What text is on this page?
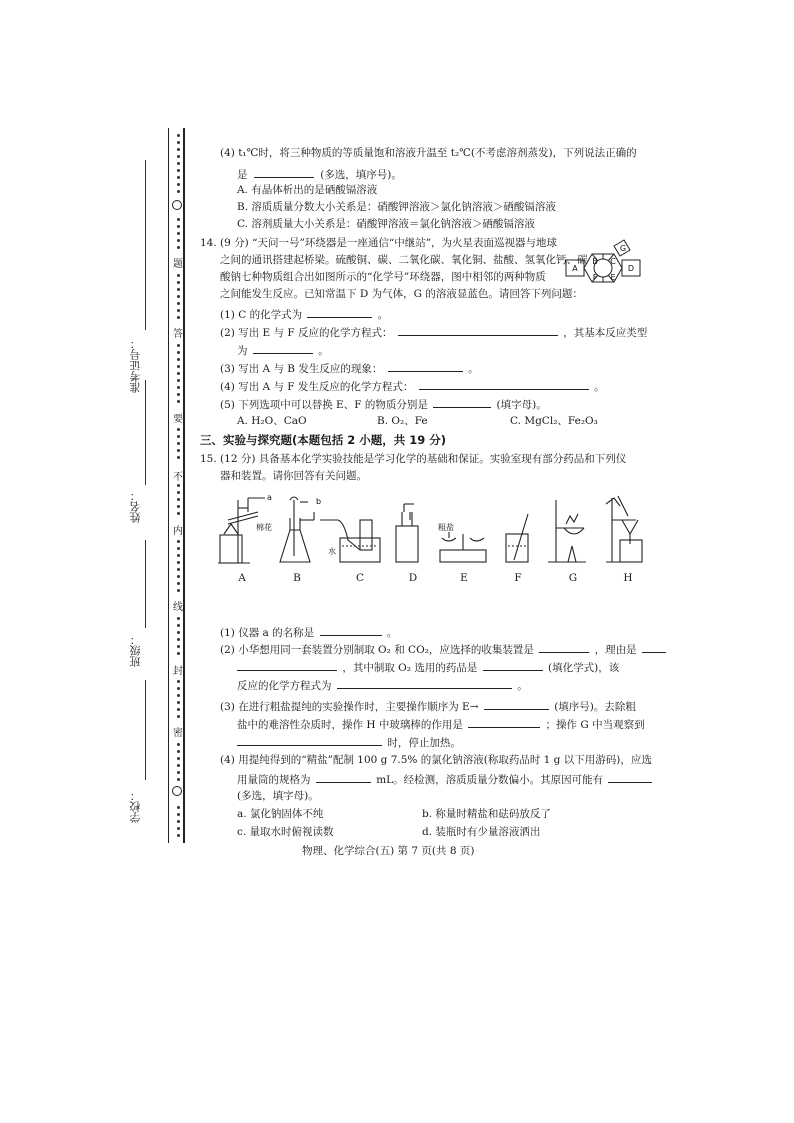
准考证号：
姓名：
班级：
学校：
答
题
要
不
内
线
封
密
(4) t₁℃时，将三种物质的等质量饱和溶液升温至 t₂℃(不考虑溶剂蒸发)，下列说法正确的
是	(多选，填序号)。
A. 有晶体析出的是硒酸镉溶液
B. 溶质质量分数大小关系是：硝酸钾溶液＞氯化钠溶液＞硒酸镉溶液
C. 溶剂质量大小关系是：硝酸钾溶液＝氯化钠溶液＞硒酸镉溶液
14. (9 分) “天问一号”环绕器是一座通信“中继站”，为火星表面巡视器与地球
之间的通讯搭建起桥梁。硫酸铜、碳、二氧化碳、氧化铜、盐酸、氢氧化钙、碳
酸钠七种物质组合出如图所示的“化学号”环绕器，图中相邻的两种物质
之间能发生反应。已知常温下 D 为气体，G 的溶液显蓝色。请回答下列问题：
A
B C
D
E
F
G
(1) C 的化学式为	。
(2) 写出 E 与 F 反应的化学方程式：	，其基本反应类型
为	。
(3) 写出 A 与 B 发生反应的现象：	。
(4) 写出 A 与 F 发生反应的化学方程式：	。
(5) 下列选项中可以替换 E、F 的物质分别是	(填字母)。
A. H₂O、CaO	B. O₂、Fe	C. MgCl₂、Fe₂O₃
三、实验与探究题(本题包括 2 小题，共 19 分)
15. (12 分) 具备基本化学实验技能是学习化学的基础和保证。实验室现有部分药品和下列仪
器和装置。请你回答有关问题。
a	b
棉花
水
粗盐
A	B	C	D	E	F	G	H
(1) 仪器 a 的名称是	。
(2) 小华想用同一套装置分别制取 O₂ 和 CO₂，应选择的收集装置是	，理由是
，其中制取 O₂ 选用的药品是	(填化学式)，该
反应的化学方程式为	。
(3) 在进行粗盐提纯的实验操作时，主要操作顺序为 E→	(填序号)。去除粗
盐中的难溶性杂质时，操作 H 中玻璃棒的作用是	；操作 G 中当观察到
时，停止加热。
(4) 用提纯得到的“精盐”配制 100 g 7.5% 的氯化钠溶液(称取药品时 1 g 以下用游码)，应选
用量筒的规格为	mL。经检测，溶质质量分数偏小。其原因可能有
(多选，填字母)。
a. 氯化钠固体不纯	b. 称量时精盐和砝码放反了
c. 量取水时俯视读数	d. 装瓶时有少量溶液洒出
物理、化学综合(五) 第 7 页(共 8 页)
